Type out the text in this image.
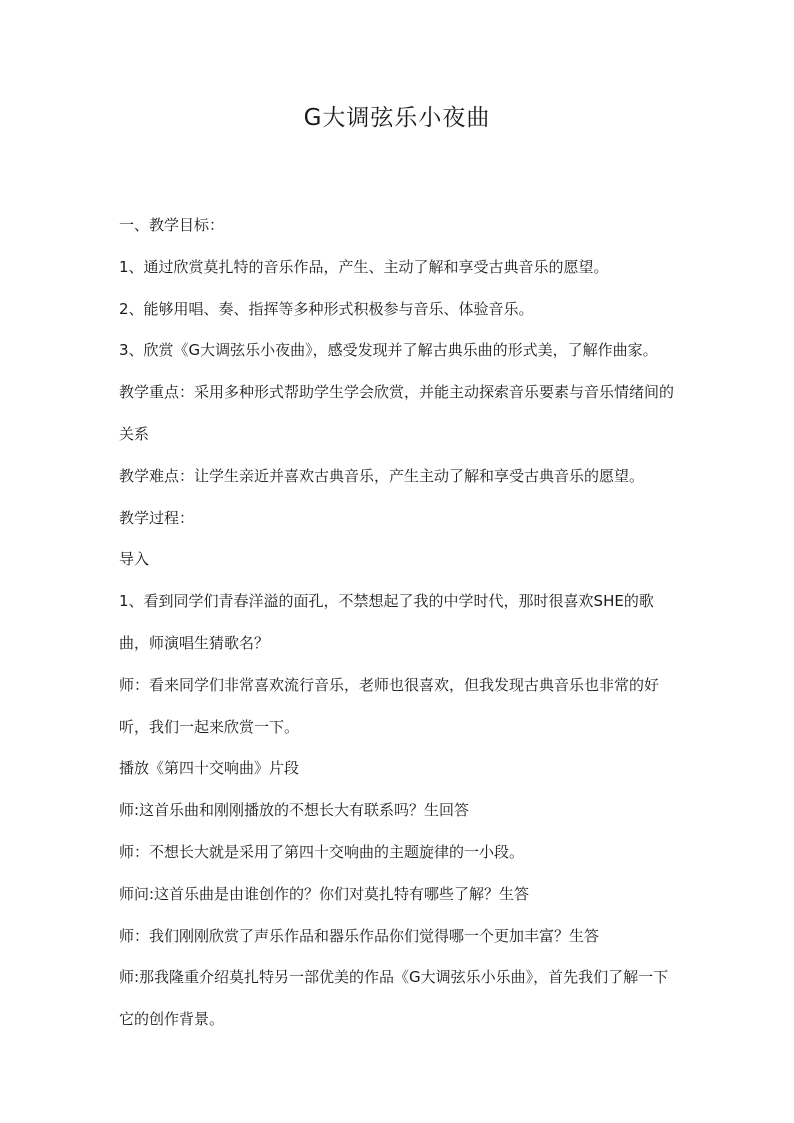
G大调弦乐小夜曲

一、教学目标：

1、通过欣赏莫扎特的音乐作品，产生、主动了解和享受古典音乐的愿望。

2、能够用唱、奏、指挥等多种形式积极参与音乐、体验音乐。

3、欣赏《G大调弦乐小夜曲》，感受发现并了解古典乐曲的形式美，了解作曲家。

教学重点：采用多种形式帮助学生学会欣赏，并能主动探索音乐要素与音乐情绪间的关系

教学难点：让学生亲近并喜欢古典音乐，产生主动了解和享受古典音乐的愿望。

教学过程：

导入

1、看到同学们青春洋溢的面孔，不禁想起了我的中学时代，那时很喜欢SHE的歌曲，师演唱生猜歌名？

师：看来同学们非常喜欢流行音乐，老师也很喜欢，但我发现古典音乐也非常的好听，我们一起来欣赏一下。

播放《第四十交响曲》片段

师:这首乐曲和刚刚播放的不想长大有联系吗？生回答

师：不想长大就是采用了第四十交响曲的主题旋律的一小段。

师问:这首乐曲是由谁创作的？你们对莫扎特有哪些了解？生答

师：我们刚刚欣赏了声乐作品和器乐作品你们觉得哪一个更加丰富？生答

师:那我隆重介绍莫扎特另一部优美的作品《G大调弦乐小乐曲》，首先我们了解一下它的创作背景。
